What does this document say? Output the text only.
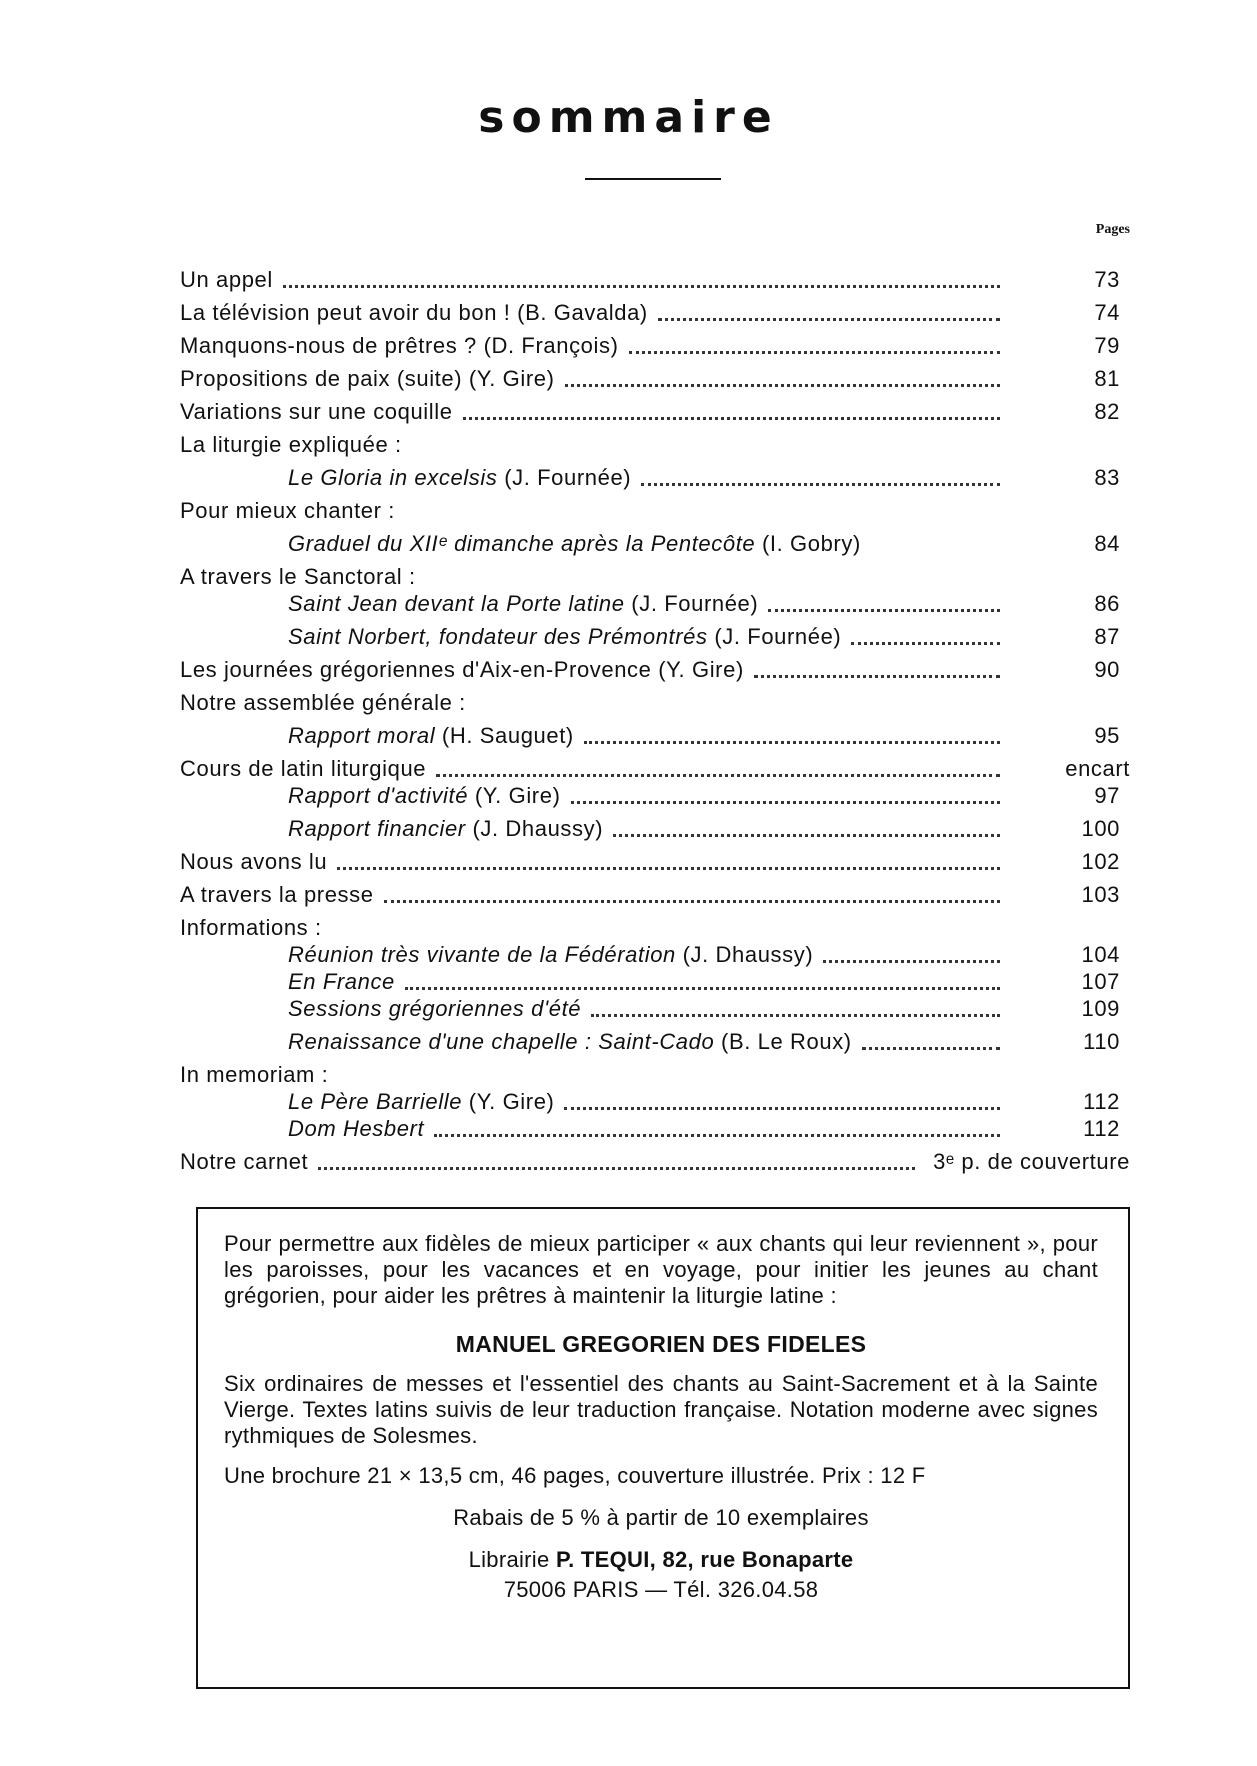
sommaire
Pages
Un appel	73
La télévision peut avoir du bon ! (B. Gavalda)	74
Manquons-nous de prêtres ? (D. François)	79
Propositions de paix (suite) (Y. Gire)	81
Variations sur une coquille	82
La liturgie expliquée :
Le Gloria in excelsis (J. Fournée)	83
Pour mieux chanter :
Graduel du XIIᵉ dimanche après la Pentecôte (I. Gobry)	84
A travers le Sanctoral :
Saint Jean devant la Porte latine (J. Fournée)	86
Saint Norbert, fondateur des Prémontrés (J. Fournée)	87
Les journées grégoriennes d'Aix-en-Provence (Y. Gire)	90
Notre assemblée générale :
Rapport moral (H. Sauguet)	95
Cours de latin liturgique	encart
Rapport d'activité (Y. Gire)	97
Rapport financier (J. Dhaussy)	100
Nous avons lu	102
A travers la presse	103
Informations :
Réunion très vivante de la Fédération (J. Dhaussy)	104
En France	107
Sessions grégoriennes d'été	109
Renaissance d'une chapelle : Saint-Cado (B. Le Roux)	110
In memoriam :
Le Père Barrielle (Y. Gire)	112
Dom Hesbert	112
Notre carnet	3ᵉ p. de couverture

Pour permettre aux fidèles de mieux participer « aux chants qui leur reviennent », pour les paroisses, pour les vacances et en voyage, pour initier les jeunes au chant grégorien, pour aider les prêtres à maintenir la liturgie latine :

MANUEL GREGORIEN DES FIDELES

Six ordinaires de messes et l'essentiel des chants au Saint-Sacrement et à la Sainte Vierge. Textes latins suivis de leur traduction française. Notation moderne avec signes rythmiques de Solesmes.

Une brochure 21 × 13,5 cm, 46 pages, couverture illustrée. Prix : 12 F

Rabais de 5 % à partir de 10 exemplaires

Librairie P. TEQUI, 82, rue Bonaparte

75006 PARIS — Tél. 326.04.58
